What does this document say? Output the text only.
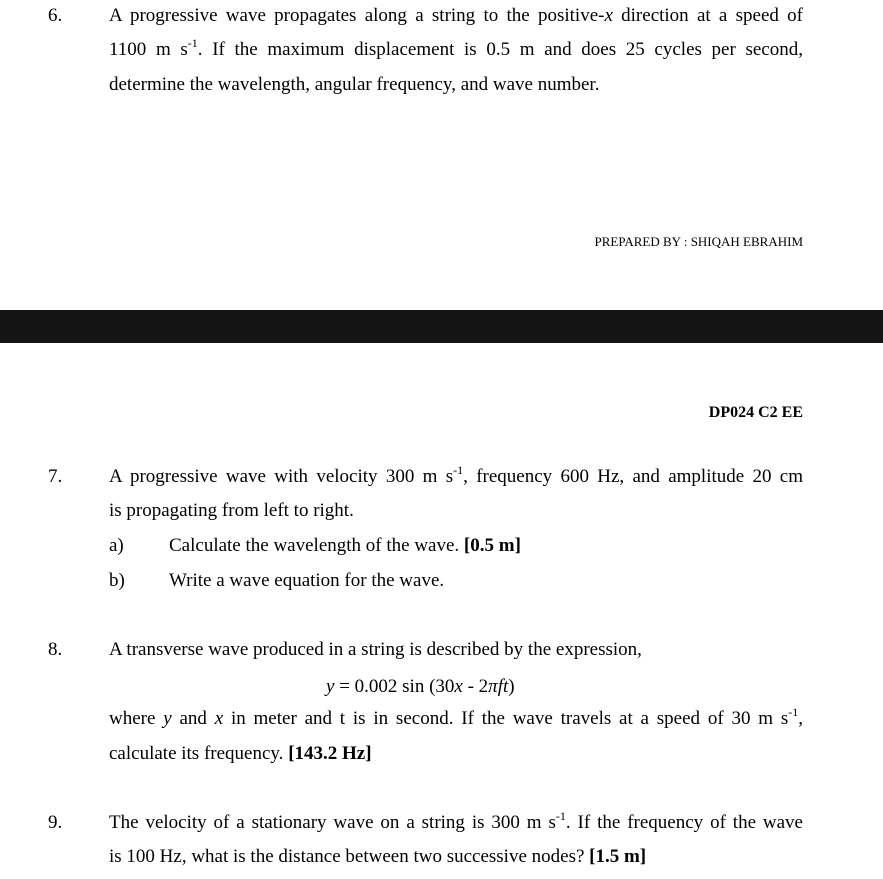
6. A progressive wave propagates along a string to the positive-x direction at a speed of
1100 m $s^{-1}$. If the maximum displacement is 0.5 m and does 25 cycles per second,
determine the wavelength, angular frequency, and wave number.
PREPARED BY : SHIQAH EBRAHIM
DP024 C2 EE
7. A progressive wave with velocity 300 m $s^{-1}$, frequency 600 Hz, and amplitude 20 cm
is propagating from left to right.
a) Calculate the wavelength of the wave. [0.5 m]
b) Write a wave equation for the wave.
8. A transverse wave produced in a string is described by the expression,
y = 0.002 sin (30x - 2πft)
where y and x in meter and t is in second. If the wave travels at a speed of 30 m $s^{-1}$,
calculate its frequency. [143.2 Hz]
9. The velocity of a stationary wave on a string is 300 m $s^{-1}$. If the frequency of the wave
is 100 Hz, what is the distance between two successive nodes? [1.5 m]
